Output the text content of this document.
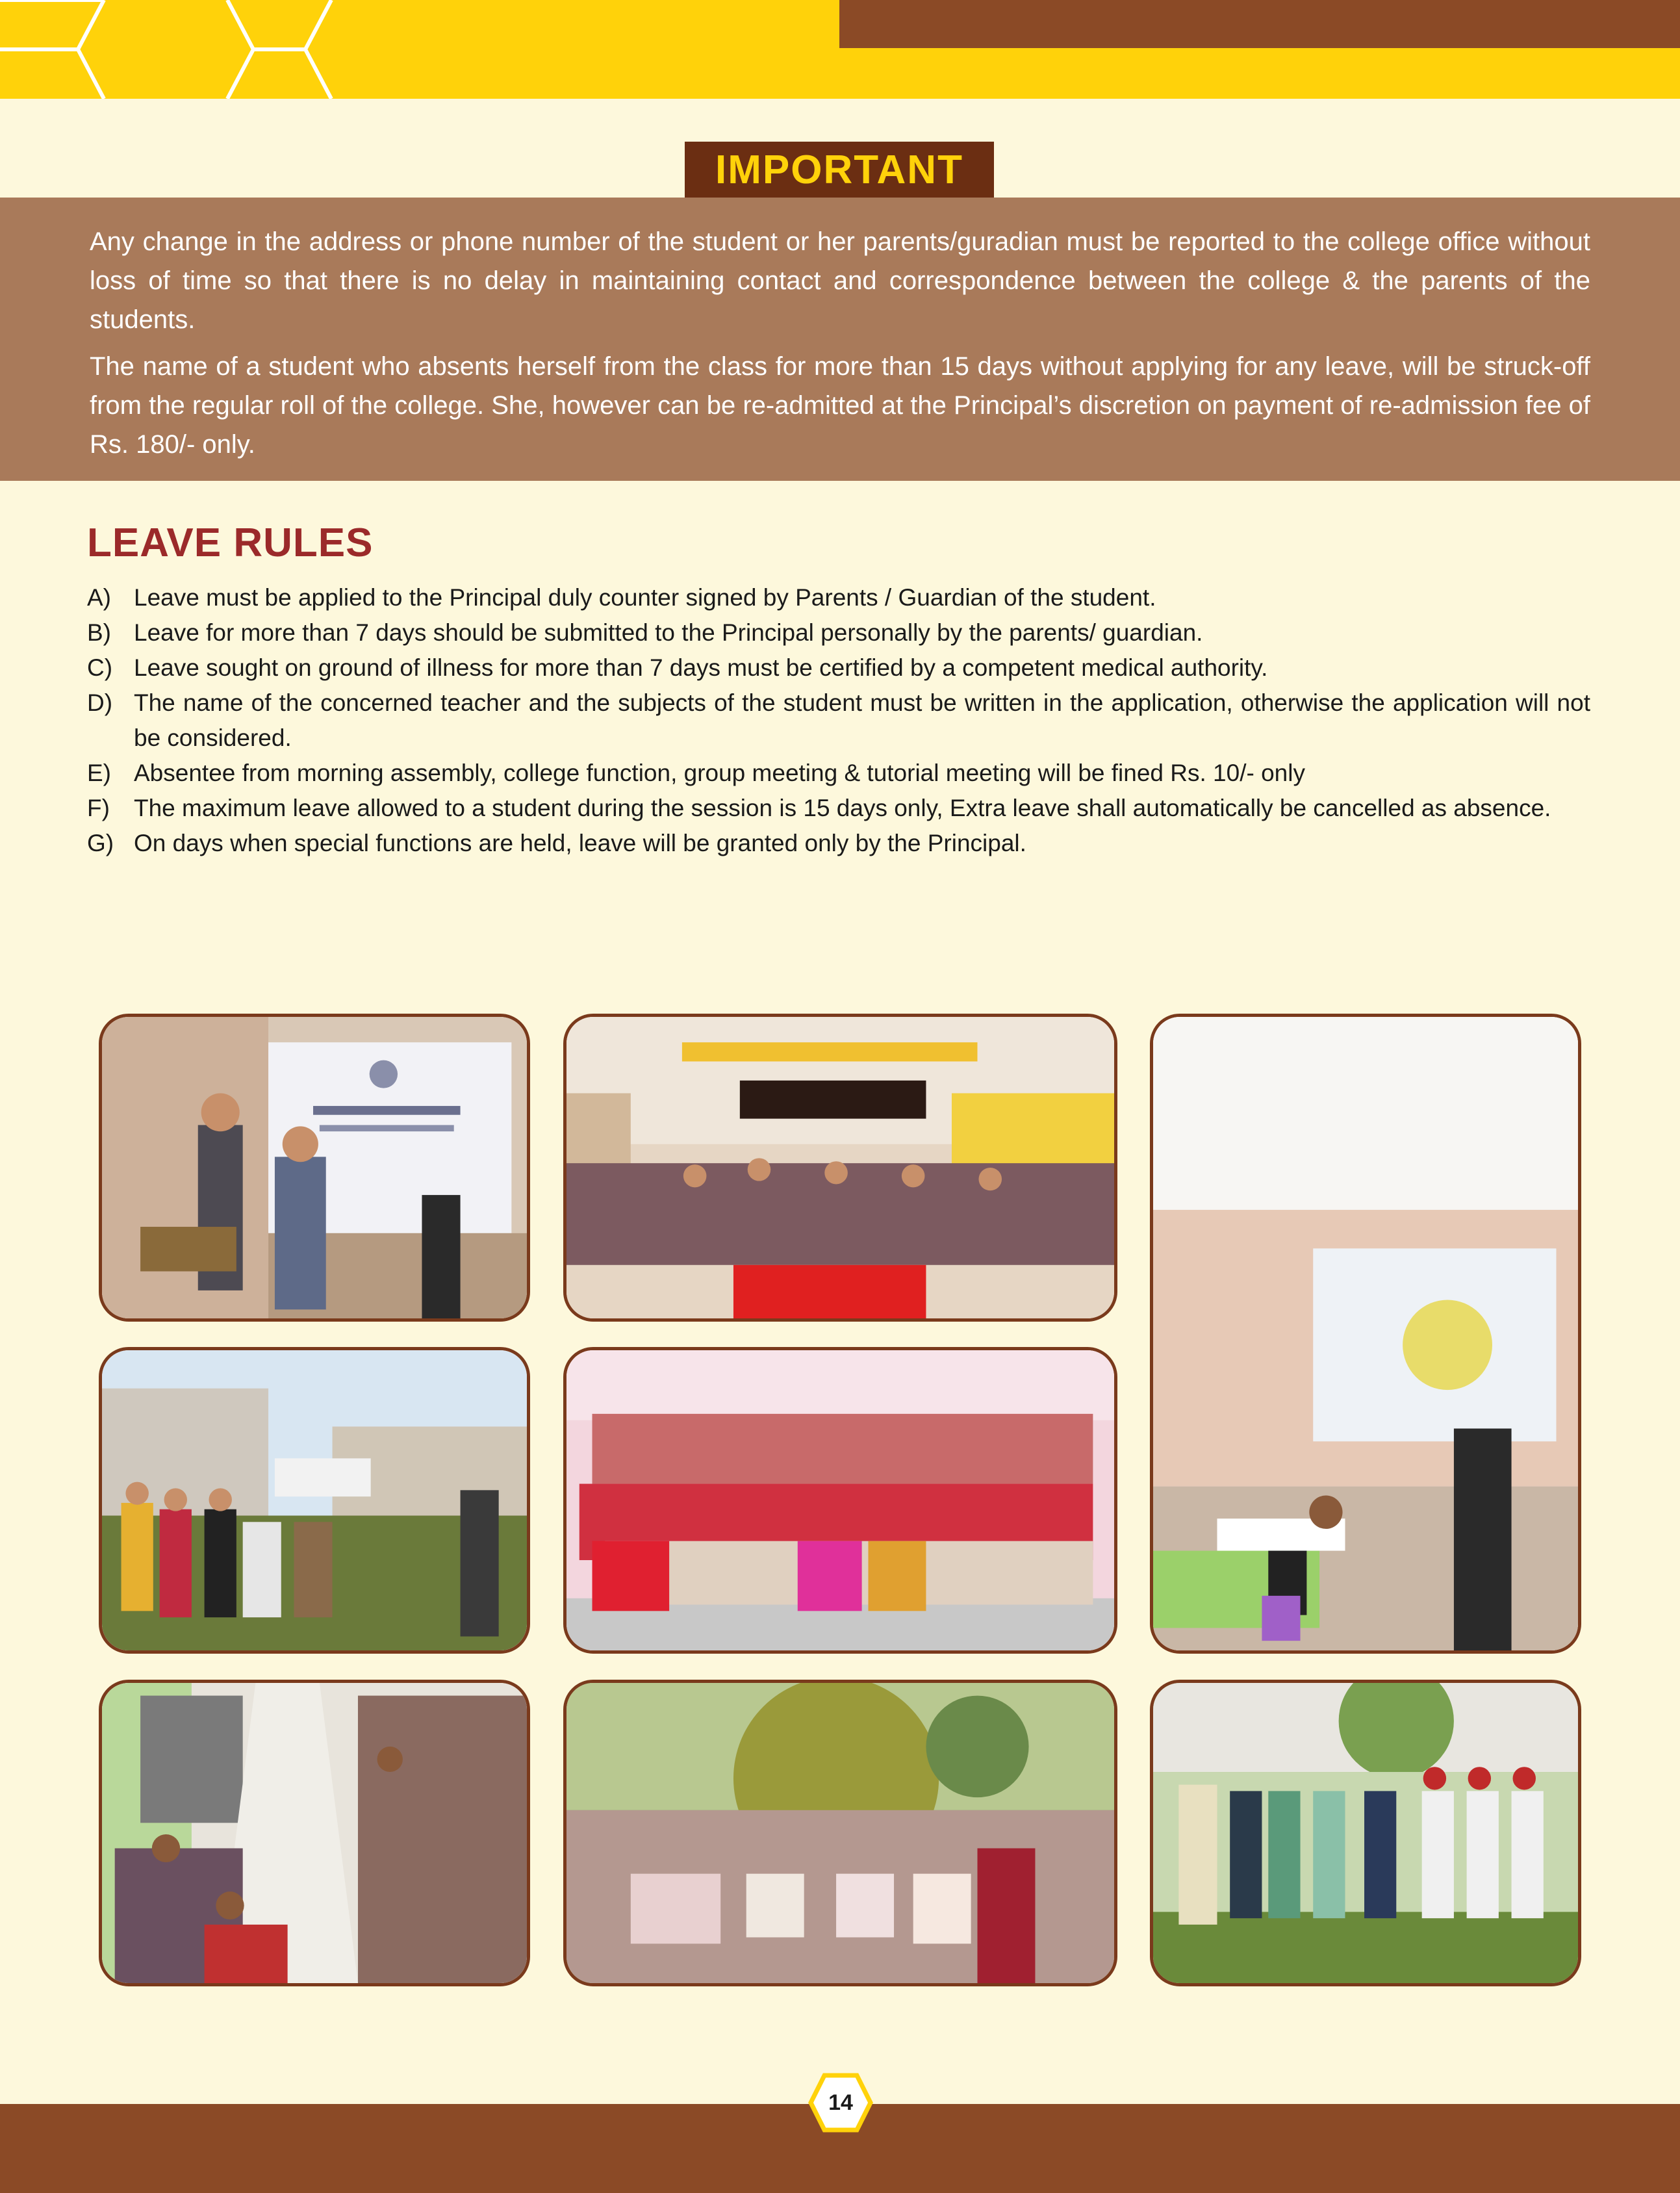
IMPORTANT

Any change in the address or phone number of the student or her parents/guradian must be reported to the college office without loss of time so that there is no delay in maintaining contact and correspondence between the college & the parents of the students.

The name of a student who absents herself from the class for more than 15 days without applying for any leave, will be struck-off from the regular roll of the college. She, however can be re-admitted at the Principal’s discretion on payment of re-admission fee of Rs. 180/- only.

LEAVE RULES
A) Leave must be applied to the Principal duly counter signed by Parents / Guardian of the student.
B) Leave for more than 7 days should be submitted to the Principal personally by the parents/ guardian.
C) Leave sought on ground of illness for more than 7 days must be certified by a competent medical authority.
D) The name of the concerned teacher and the subjects of the student must be written in the application, otherwise the application will not be considered.
E) Absentee from morning assembly, college function, group meeting & tutorial meeting will be fined Rs. 10/- only
F)	The maximum leave allowed to a student during the session is 15 days only, Extra leave shall automatically be cancelled as absence.
G) On days when special functions are held, leave will be granted only by the Principal.
14
